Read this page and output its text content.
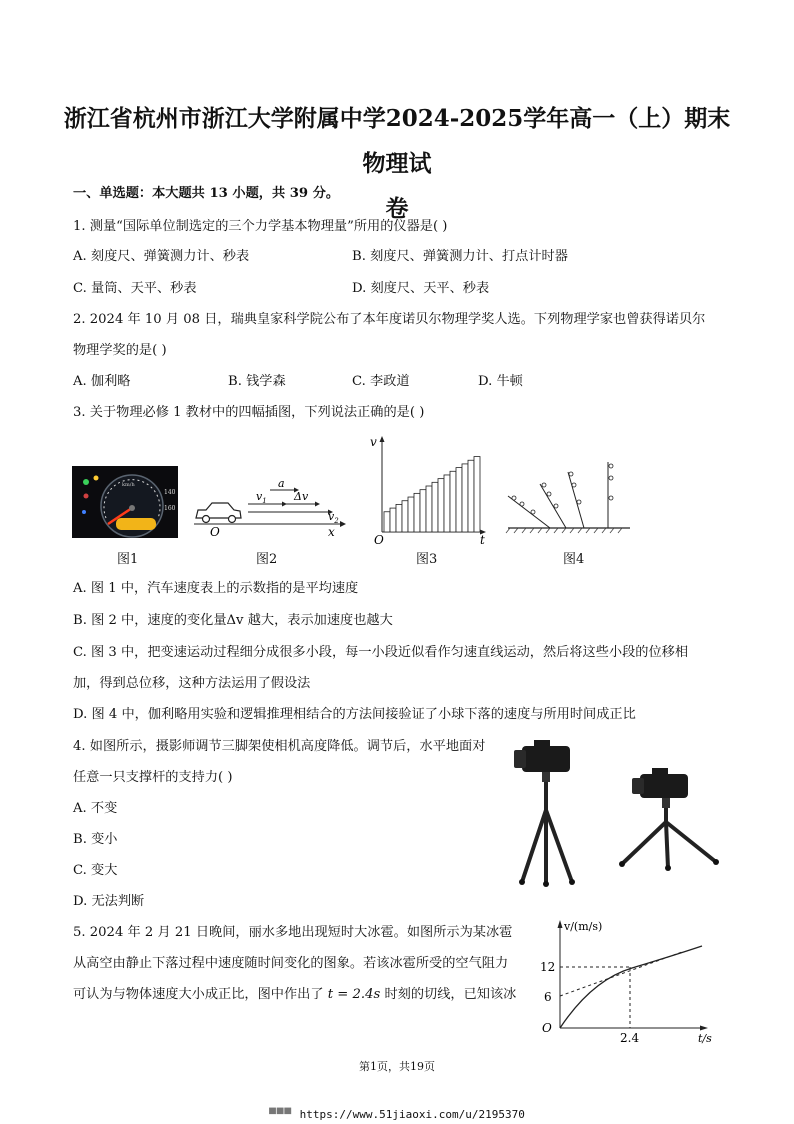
浙江省杭州市浙江大学附属中学2024-2025学年高一（上）期末物理试
卷
一、单选题：本大题共 13 小题，共 39 分。
1. 测量“国际单位制选定的三个力学基本物理量”所用的仪器是( )
A. 刻度尺、弹簧测力计、秒表	B. 刻度尺、弹簧测力计、打点计时器
C. 量筒、天平、秒表	D. 刻度尺、天平、秒表
2. 2024 年 10 月 08 日，瑞典皇家科学院公布了本年度诺贝尔物理学奖人选。下列物理学家也曾获得诺贝尔
物理学奖的是( )
A. 伽利略	B. 钱学森	C. 李政道	D. 牛顿
3. 关于物理必修 1 教材中的四幅插图，下列说法正确的是( )
km/h
140
160
a
$v_1$ Δv
$v_2$
O	x
v
O	t
图1	图2	图3	图4
A. 图 1 中，汽车速度表上的示数指的是平均速度
B. 图 2 中，速度的变化量Δv 越大，表示加速度也越大
C. 图 3 中，把变速运动过程细分成很多小段，每一小段近似看作匀速直线运动，然后将这些小段的位移相
加，得到总位移，这种方法运用了假设法
D. 图 4 中，伽利略用实验和逻辑推理相结合的方法间接验证了小球下落的速度与所用时间成正比
4. 如图所示，摄影师调节三脚架使相机高度降低。调节后，水平地面对
任意一只支撑杆的支持力( )
A. 不变
B. 变小
C. 变大
D. 无法判断
5. 2024 年 2 月 21 日晚间，丽水多地出现短时大冰雹。如图所示为某冰雹
从高空由静止下落过程中速度随时间变化的图象。若该冰雹所受的空气阻力
可认为与物体速度大小成正比，图中作出了 t = 2.4s 时刻的切线，已知该冰
v/(m/s)
12
6
O
2.4	t/s
第1页，共19页
▀▀▀ https://www.51jiaoxi.com/u/2195370
